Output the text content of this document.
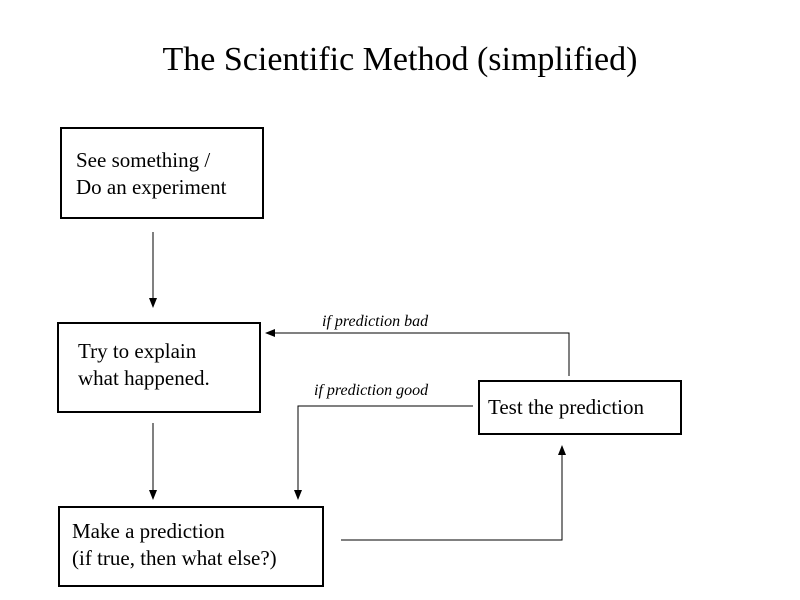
The Scientific Method (simplified)
if prediction bad
if prediction good
See something /
Do an experiment
Try to explain
what happened.
Make a prediction
(if true, then what else?)
Test the prediction
